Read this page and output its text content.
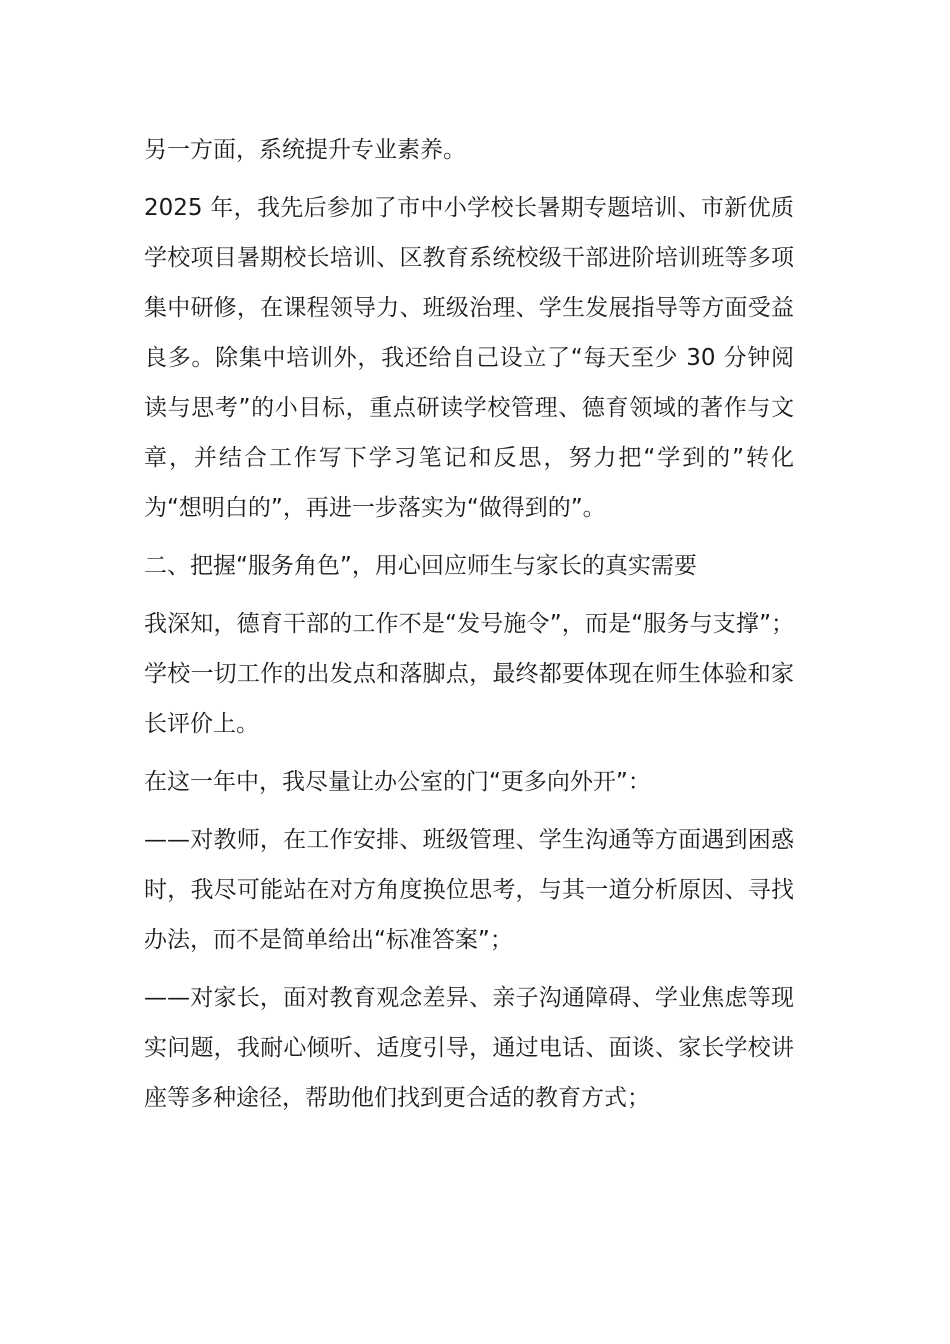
另一方面，系统提升专业素养。

2025 年，我先后参加了市中小学校长暑期专题培训、市新优质学校项目暑期校长培训、区教育系统校级干部进阶培训班等多项集中研修，在课程领导力、班级治理、学生发展指导等方面受益良多。除集中培训外，我还给自己设立了“每天至少 30 分钟阅读与思考”的小目标，重点研读学校管理、德育领域的著作与文章，并结合工作写下学习笔记和反思，努力把“学到的”转化为“想明白的”，再进一步落实为“做得到的”。

二、把握“服务角色”，用心回应师生与家长的真实需要

我深知，德育干部的工作不是“发号施令”，而是“服务与支撑”；学校一切工作的出发点和落脚点，最终都要体现在师生体验和家长评价上。

在这一年中，我尽量让办公室的门“更多向外开”：

——对教师，在工作安排、班级管理、学生沟通等方面遇到困惑时，我尽可能站在对方角度换位思考，与其一道分析原因、寻找办法，而不是简单给出“标准答案”；

——对家长，面对教育观念差异、亲子沟通障碍、学业焦虑等现实问题，我耐心倾听、适度引导，通过电话、面谈、家长学校讲座等多种途径，帮助他们找到更合适的教育方式；
